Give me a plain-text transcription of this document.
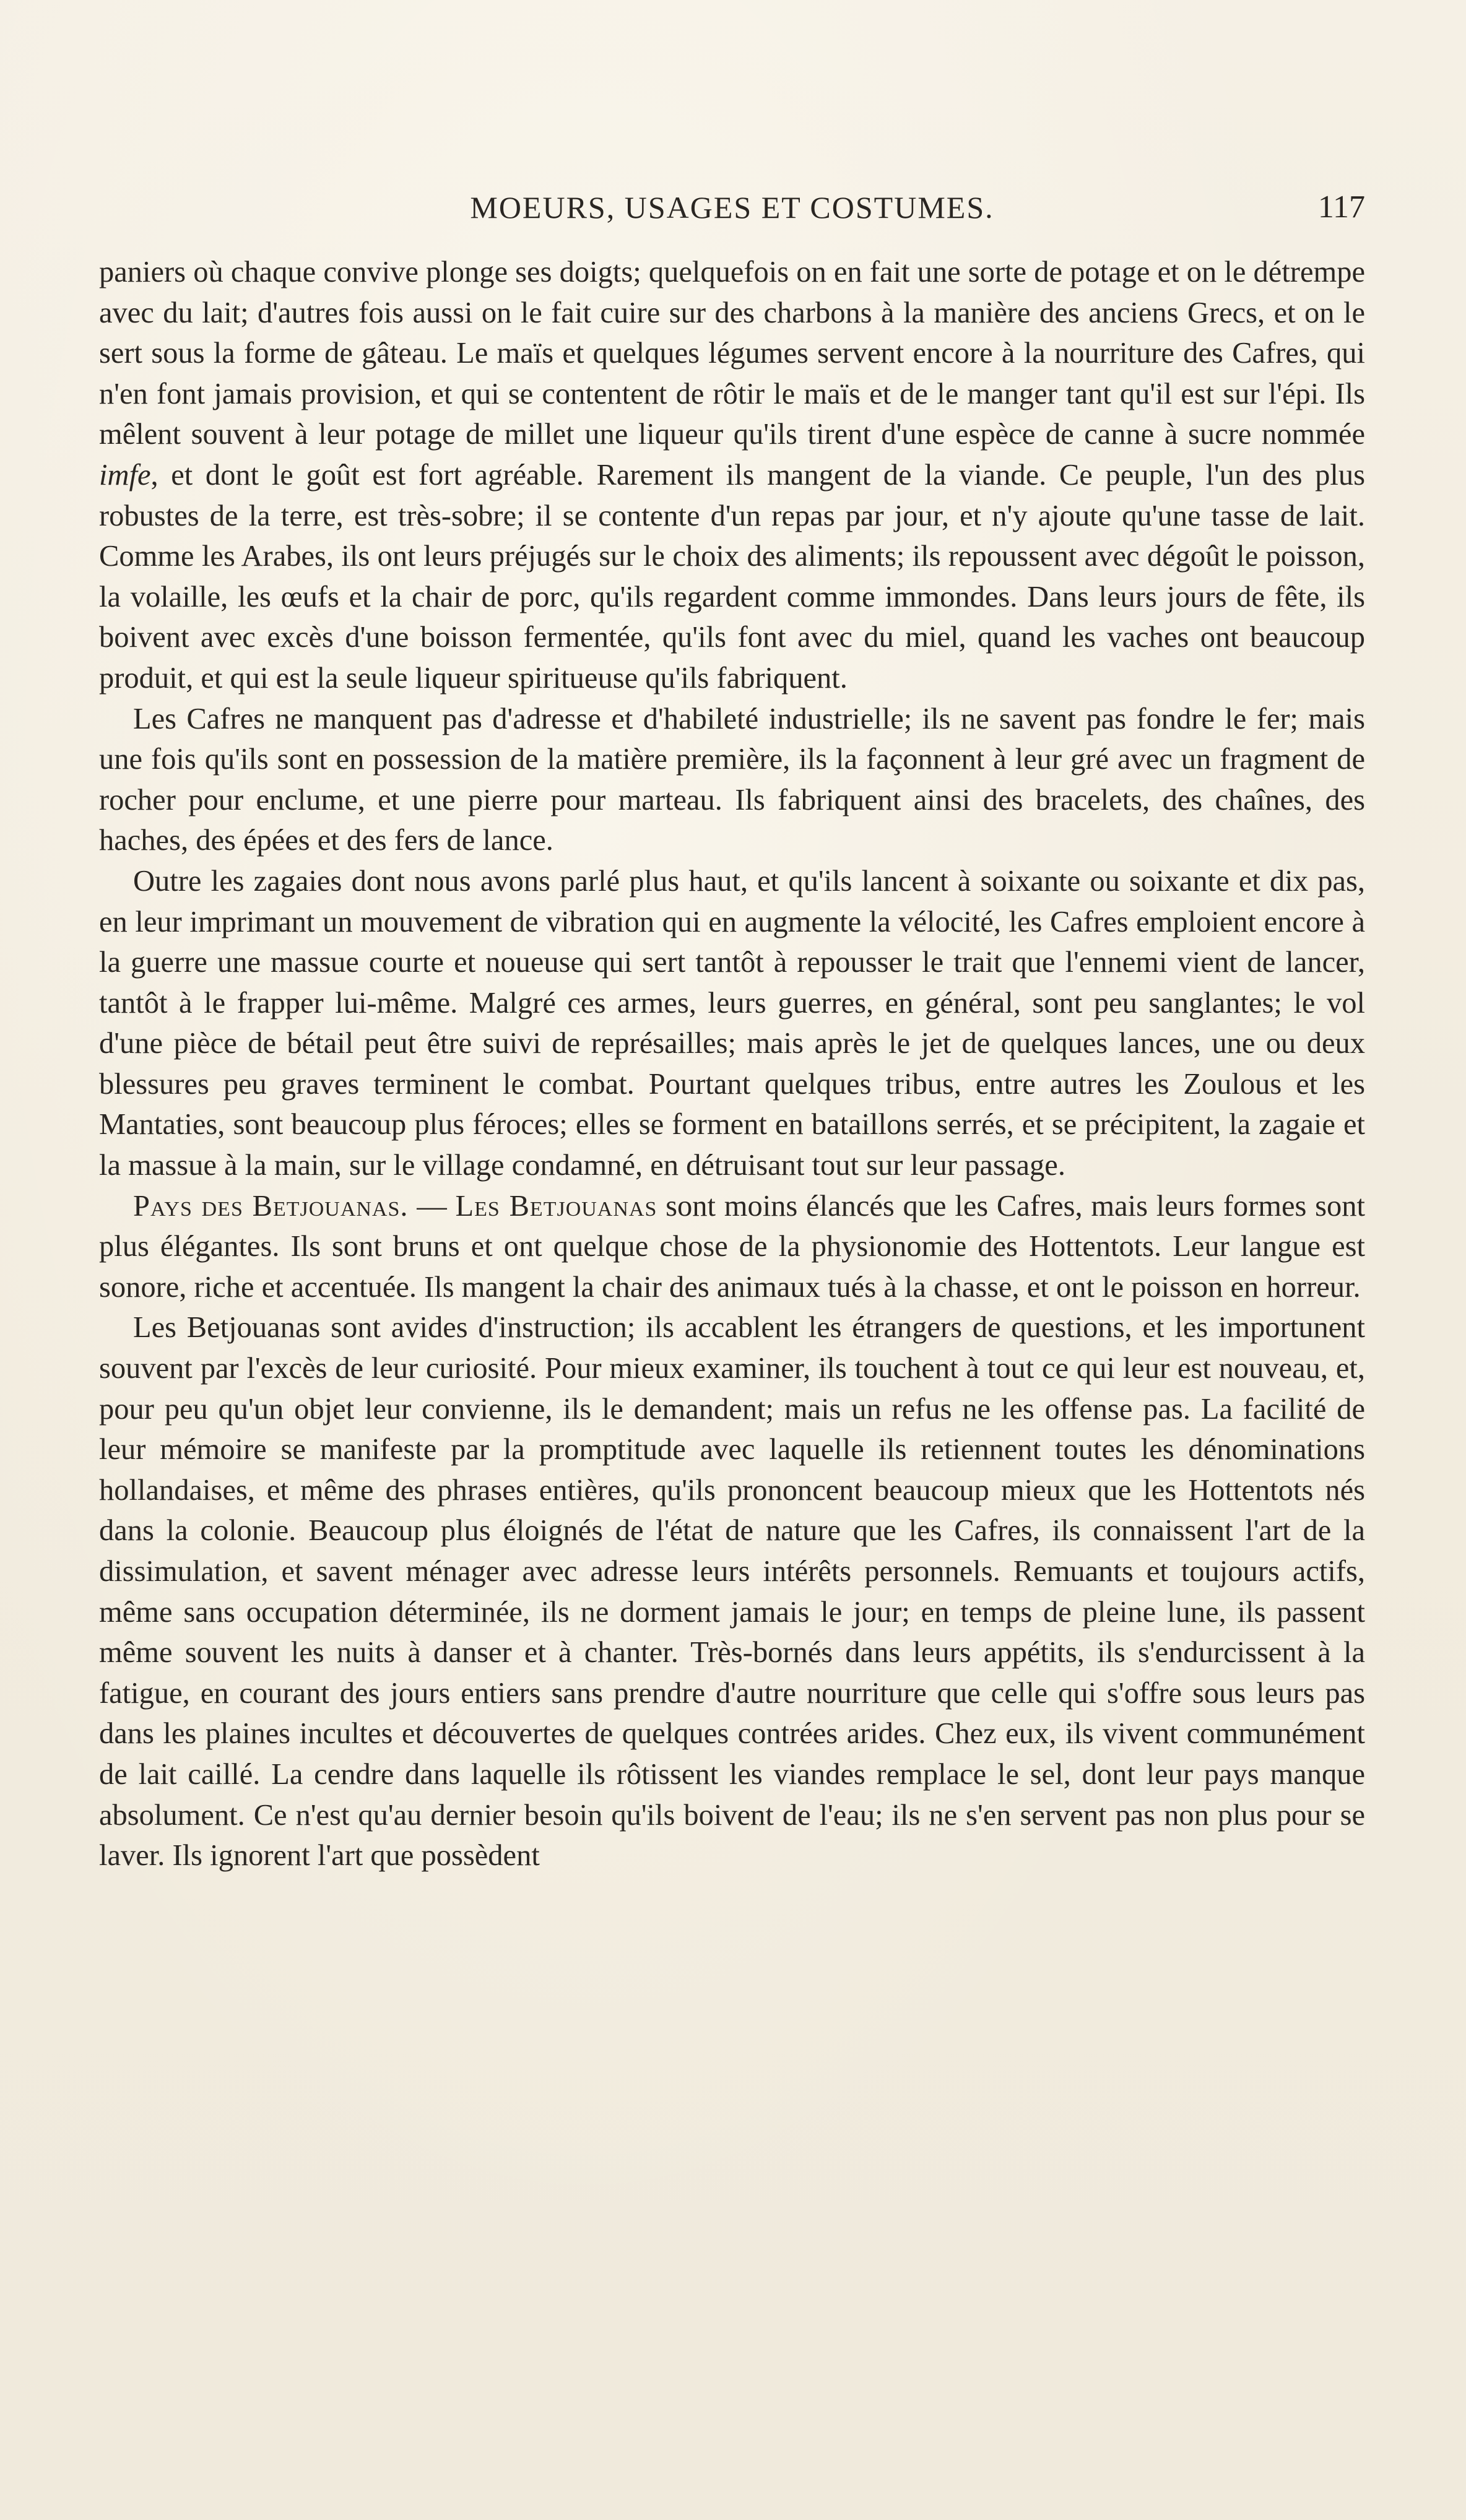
MOEURS, USAGES ET COSTUMES.	117

paniers où chaque convive plonge ses doigts; quelquefois on en fait une sorte de potage et on le détrempe avec du lait; d'autres fois aussi on le fait cuire sur des charbons à la manière des anciens Grecs, et on le sert sous la forme de gâteau. Le maïs et quelques légumes servent encore à la nourriture des Cafres, qui n'en font jamais provision, et qui se contentent de rôtir le maïs et de le manger tant qu'il est sur l'épi. Ils mêlent souvent à leur potage de millet une liqueur qu'ils tirent d'une espèce de canne à sucre nommée imfe, et dont le goût est fort agréable. Rarement ils mangent de la viande. Ce peuple, l'un des plus robustes de la terre, est très-sobre; il se contente d'un repas par jour, et n'y ajoute qu'une tasse de lait. Comme les Arabes, ils ont leurs préjugés sur le choix des aliments; ils repoussent avec dégoût le poisson, la volaille, les œufs et la chair de porc, qu'ils regardent comme immondes. Dans leurs jours de fête, ils boivent avec excès d'une boisson fermentée, qu'ils font avec du miel, quand les vaches ont beaucoup produit, et qui est la seule liqueur spiritueuse qu'ils fabriquent.

Les Cafres ne manquent pas d'adresse et d'habileté industrielle; ils ne savent pas fondre le fer; mais une fois qu'ils sont en possession de la matière première, ils la façonnent à leur gré avec un fragment de rocher pour enclume, et une pierre pour marteau. Ils fabriquent ainsi des bracelets, des chaînes, des haches, des épées et des fers de lance.

Outre les zagaies dont nous avons parlé plus haut, et qu'ils lancent à soixante ou soixante et dix pas, en leur imprimant un mouvement de vibration qui en augmente la vélocité, les Cafres emploient encore à la guerre une massue courte et noueuse qui sert tantôt à repousser le trait que l'ennemi vient de lancer, tantôt à le frapper lui-même. Malgré ces armes, leurs guerres, en général, sont peu sanglantes; le vol d'une pièce de bétail peut être suivi de représailles; mais après le jet de quelques lances, une ou deux blessures peu graves terminent le combat. Pourtant quelques tribus, entre autres les Zoulous et les Mantaties, sont beaucoup plus féroces; elles se forment en bataillons serrés, et se précipitent, la zagaie et la massue à la main, sur le village condamné, en détruisant tout sur leur passage.

Pays des Betjouanas. — Les Betjouanas sont moins élancés que les Cafres, mais leurs formes sont plus élégantes. Ils sont bruns et ont quelque chose de la physionomie des Hottentots. Leur langue est sonore, riche et accentuée. Ils mangent la chair des animaux tués à la chasse, et ont le poisson en horreur.

Les Betjouanas sont avides d'instruction; ils accablent les étrangers de questions, et les importunent souvent par l'excès de leur curiosité. Pour mieux examiner, ils touchent à tout ce qui leur est nouveau, et, pour peu qu'un objet leur convienne, ils le demandent; mais un refus ne les offense pas. La facilité de leur mémoire se manifeste par la promptitude avec laquelle ils retiennent toutes les dénominations hollandaises, et même des phrases entières, qu'ils prononcent beaucoup mieux que les Hottentots nés dans la colonie. Beaucoup plus éloignés de l'état de nature que les Cafres, ils connaissent l'art de la dissimulation, et savent ménager avec adresse leurs intérêts personnels. Remuants et toujours actifs, même sans occupation déterminée, ils ne dorment jamais le jour; en temps de pleine lune, ils passent même souvent les nuits à danser et à chanter. Très-bornés dans leurs appétits, ils s'endurcissent à la fatigue, en courant des jours entiers sans prendre d'autre nourriture que celle qui s'offre sous leurs pas dans les plaines incultes et découvertes de quelques contrées arides. Chez eux, ils vivent communément de lait caillé. La cendre dans laquelle ils rôtissent les viandes remplace le sel, dont leur pays manque absolument. Ce n'est qu'au dernier besoin qu'ils boivent de l'eau; ils ne s'en servent pas non plus pour se laver. Ils ignorent l'art que possèdent
